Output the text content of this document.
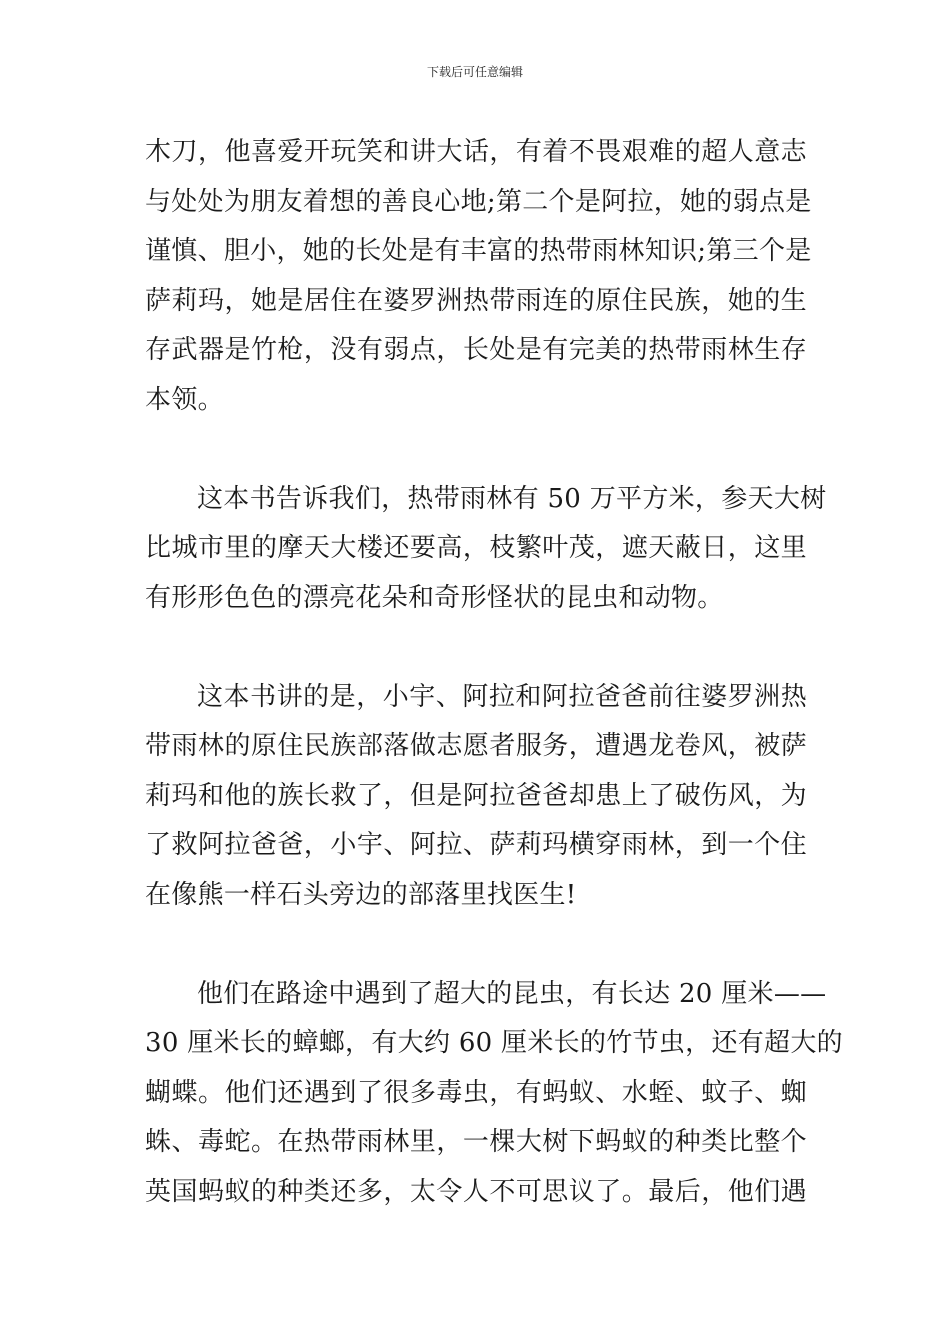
下载后可任意编辑

木刀，他喜爱开玩笑和讲大话，有着不畏艰难的超人意志
与处处为朋友着想的善良心地;第二个是阿拉，她的弱点是
谨慎、胆小，她的长处是有丰富的热带雨林知识;第三个是
萨莉玛，她是居住在婆罗洲热带雨连的原住民族，她的生
存武器是竹枪，没有弱点，长处是有完美的热带雨林生存
本领。

这本书告诉我们，热带雨林有 50 万平方米，参天大树
比城市里的摩天大楼还要高，枝繁叶茂，遮天蔽日，这里
有形形色色的漂亮花朵和奇形怪状的昆虫和动物。

这本书讲的是，小宇、阿拉和阿拉爸爸前往婆罗洲热
带雨林的原住民族部落做志愿者服务，遭遇龙卷风，被萨
莉玛和他的族长救了，但是阿拉爸爸却患上了破伤风，为
了救阿拉爸爸，小宇、阿拉、萨莉玛横穿雨林，到一个住
在像熊一样石头旁边的部落里找医生!

他们在路途中遇到了超大的昆虫，有长达 20 厘米——
30 厘米长的蟑螂，有大约 60 厘米长的竹节虫，还有超大的
蝴蝶。他们还遇到了很多毒虫，有蚂蚁、水蛭、蚊子、蜘
蛛、毒蛇。在热带雨林里，一棵大树下蚂蚁的种类比整个
英国蚂蚁的种类还多，太令人不可思议了。最后，他们遇
